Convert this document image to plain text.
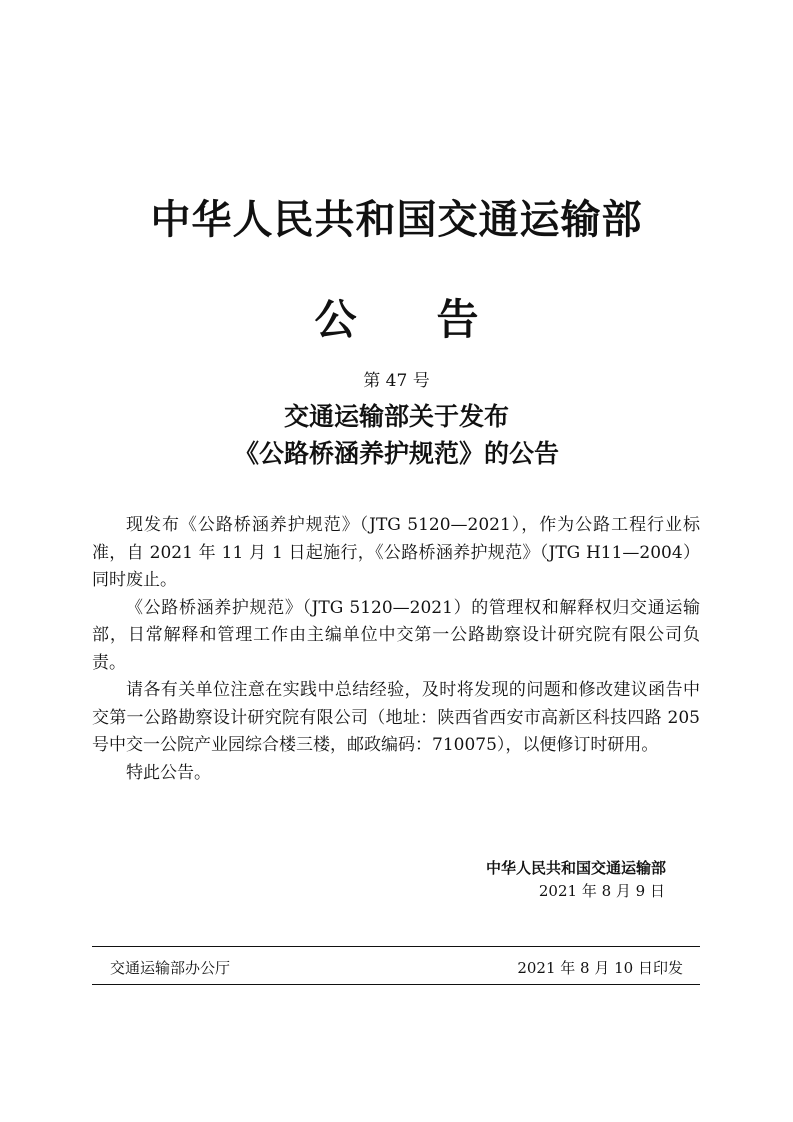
中华人民共和国交通运输部
公告
第 47 号
交通运输部关于发布
《公路桥涵养护规范》的公告

现发布《公路桥涵养护规范》（JTG 5120—2021），作为公路工程行业标准，自 2021 年 11 月 1 日起施行，《公路桥涵养护规范》（JTG H11—2004）同时废止。

《公路桥涵养护规范》（JTG 5120—2021）的管理权和解释权归交通运输部，日常解释和管理工作由主编单位中交第一公路勘察设计研究院有限公司负责。

请各有关单位注意在实践中总结经验，及时将发现的问题和修改建议函告中交第一公路勘察设计研究院有限公司（地址：陕西省西安市高新区科技四路 205 号中交一公院产业园综合楼三楼，邮政编码：710075），以便修订时研用。

特此公告。

中华人民共和国交通运输部
2021 年 8 月 9 日
交通运输部办公厅	2021 年 8 月 10 日印发
